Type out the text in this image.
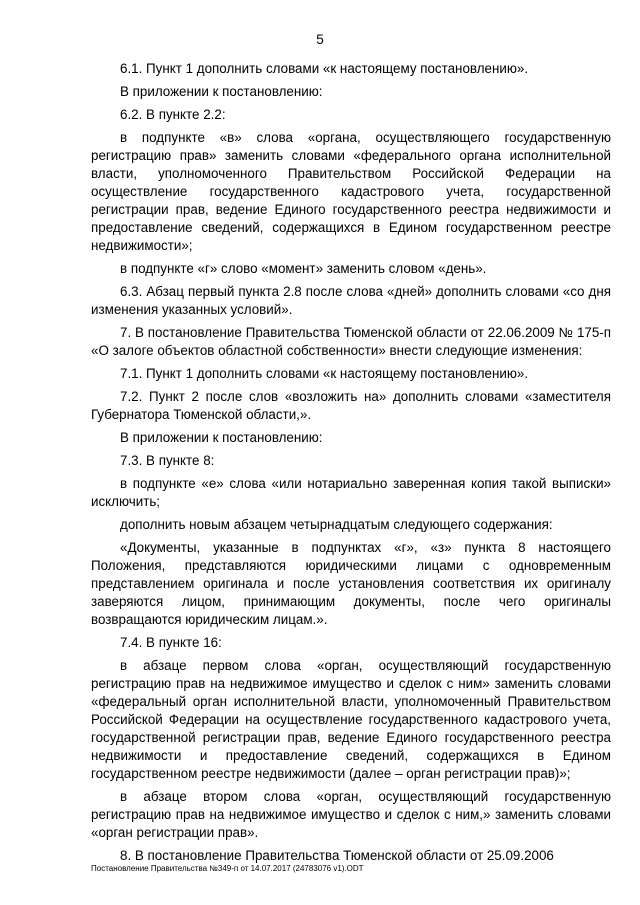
5

6.1. Пункт 1 дополнить словами «к настоящему постановлению».

В приложении к постановлению:

6.2. В пункте 2.2:

в подпункте «в» слова «органа, осуществляющего государственную регистрацию прав» заменить словами «федерального органа исполнительной власти, уполномоченного Правительством Российской Федерации на осуществление государственного кадастрового учета, государственной регистрации прав, ведение Единого государственного реестра недвижимости и предоставление сведений, содержащихся в Едином государственном реестре недвижимости»;

в подпункте «г» слово «момент» заменить словом «день».

6.3. Абзац первый пункта 2.8 после слова «дней» дополнить словами «со дня изменения указанных условий».

7. В постановление Правительства Тюменской области от 22.06.2009 № 175-п «О залоге объектов областной собственности» внести следующие изменения:

7.1. Пункт 1 дополнить словами «к настоящему постановлению».

7.2. Пункт 2 после слов «возложить на» дополнить словами «заместителя Губернатора Тюменской области,».

В приложении к постановлению:

7.3. В пункте 8:

в подпункте «е» слова «или нотариально заверенная копия такой выписки» исключить;

дополнить новым абзацем четырнадцатым следующего содержания:

«Документы, указанные в подпунктах «г», «з» пункта 8 настоящего Положения, представляются юридическими лицами с одновременным представлением оригинала и после установления соответствия их оригиналу заверяются лицом, принимающим документы, после чего оригиналы возвращаются юридическим лицам.».

7.4. В пункте 16:

в абзаце первом слова «орган, осуществляющий государственную регистрацию прав на недвижимое имущество и сделок с ним» заменить словами «федеральный орган исполнительной власти, уполномоченный Правительством Российской Федерации на осуществление государственного кадастрового учета, государственной регистрации прав, ведение Единого государственного реестра недвижимости и предоставление сведений, содержащихся в Едином государственном реестре недвижимости (далее – орган регистрации прав)»;

в абзаце втором слова «орган, осуществляющий государственную регистрацию прав на недвижимое имущество и сделок с ним,» заменить словами «орган регистрации прав».

8. В постановление Правительства Тюменской области от 25.09.2006

Постановление Правительства №349-п от 14.07.2017 (24783076 v1).ODT
